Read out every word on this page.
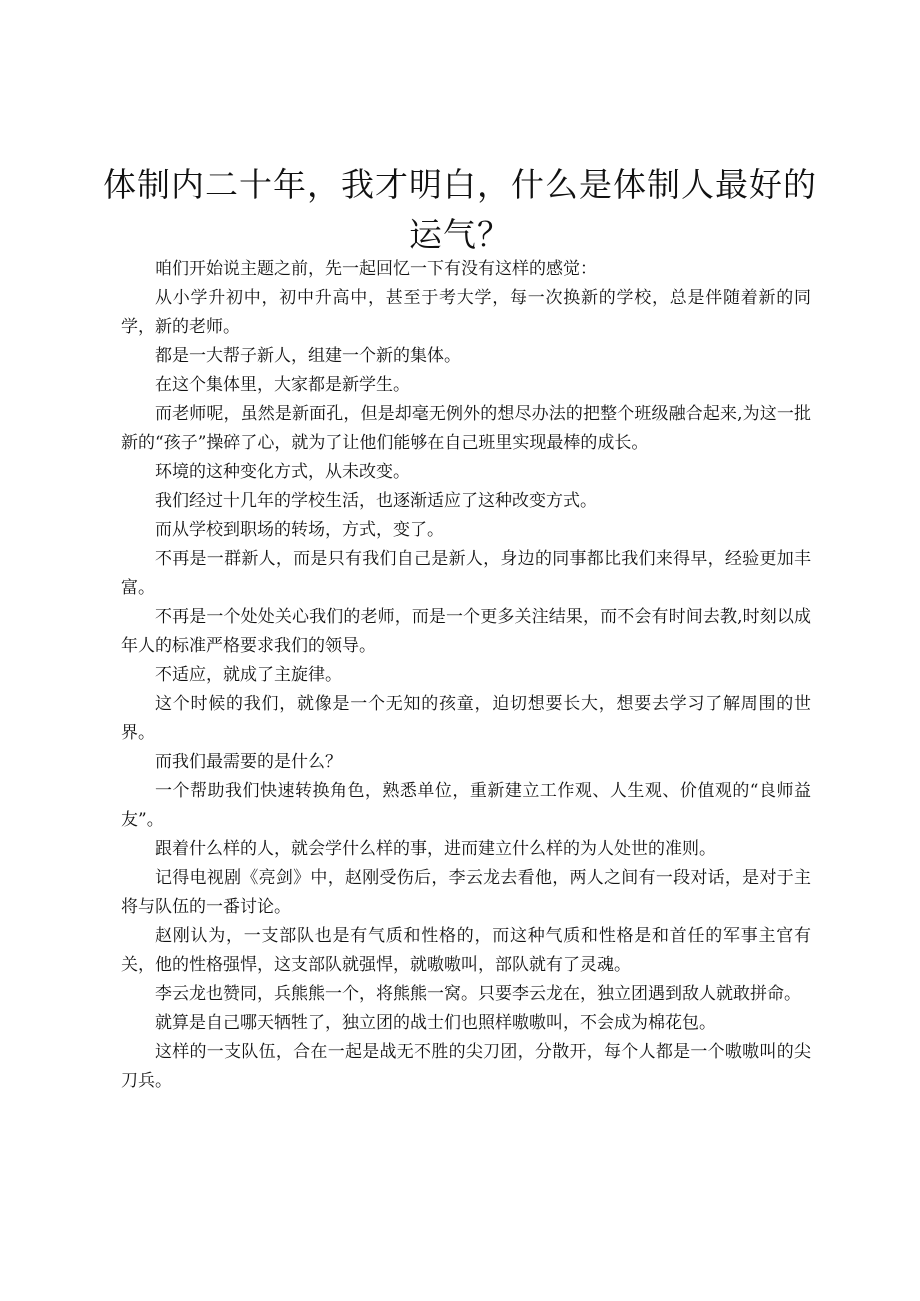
体制内二十年，我才明白，什么是体制人最好的运气？

咱们开始说主题之前，先一起回忆一下有没有这样的感觉：

从小学升初中，初中升高中，甚至于考大学，每一次换新的学校，总是伴随着新的同学，新的老师。

都是一大帮子新人，组建一个新的集体。

在这个集体里，大家都是新学生。

而老师呢，虽然是新面孔，但是却毫无例外的想尽办法的把整个班级融合起来,为这一批新的“孩子”操碎了心，就为了让他们能够在自己班里实现最棒的成长。

环境的这种变化方式，从未改变。

我们经过十几年的学校生活，也逐渐适应了这种改变方式。

而从学校到职场的转场，方式，变了。

不再是一群新人，而是只有我们自己是新人，身边的同事都比我们来得早，经验更加丰富。

不再是一个处处关心我们的老师，而是一个更多关注结果，而不会有时间去教,时刻以成年人的标准严格要求我们的领导。

不适应，就成了主旋律。

这个时候的我们，就像是一个无知的孩童，迫切想要长大，想要去学习了解周围的世界。

而我们最需要的是什么？

一个帮助我们快速转换角色，熟悉单位，重新建立工作观、人生观、价值观的“良师益友”。

跟着什么样的人，就会学什么样的事，进而建立什么样的为人处世的准则。

记得电视剧《亮剑》中，赵刚受伤后，李云龙去看他，两人之间有一段对话，是对于主将与队伍的一番讨论。

赵刚认为，一支部队也是有气质和性格的，而这种气质和性格是和首任的军事主官有关，他的性格强悍，这支部队就强悍，就嗷嗷叫，部队就有了灵魂。

李云龙也赞同，兵熊熊一个，将熊熊一窝。只要李云龙在，独立团遇到敌人就敢拼命。

就算是自己哪天牺牲了，独立团的战士们也照样嗷嗷叫，不会成为棉花包。

这样的一支队伍，合在一起是战无不胜的尖刀团，分散开，每个人都是一个嗷嗷叫的尖刀兵。
